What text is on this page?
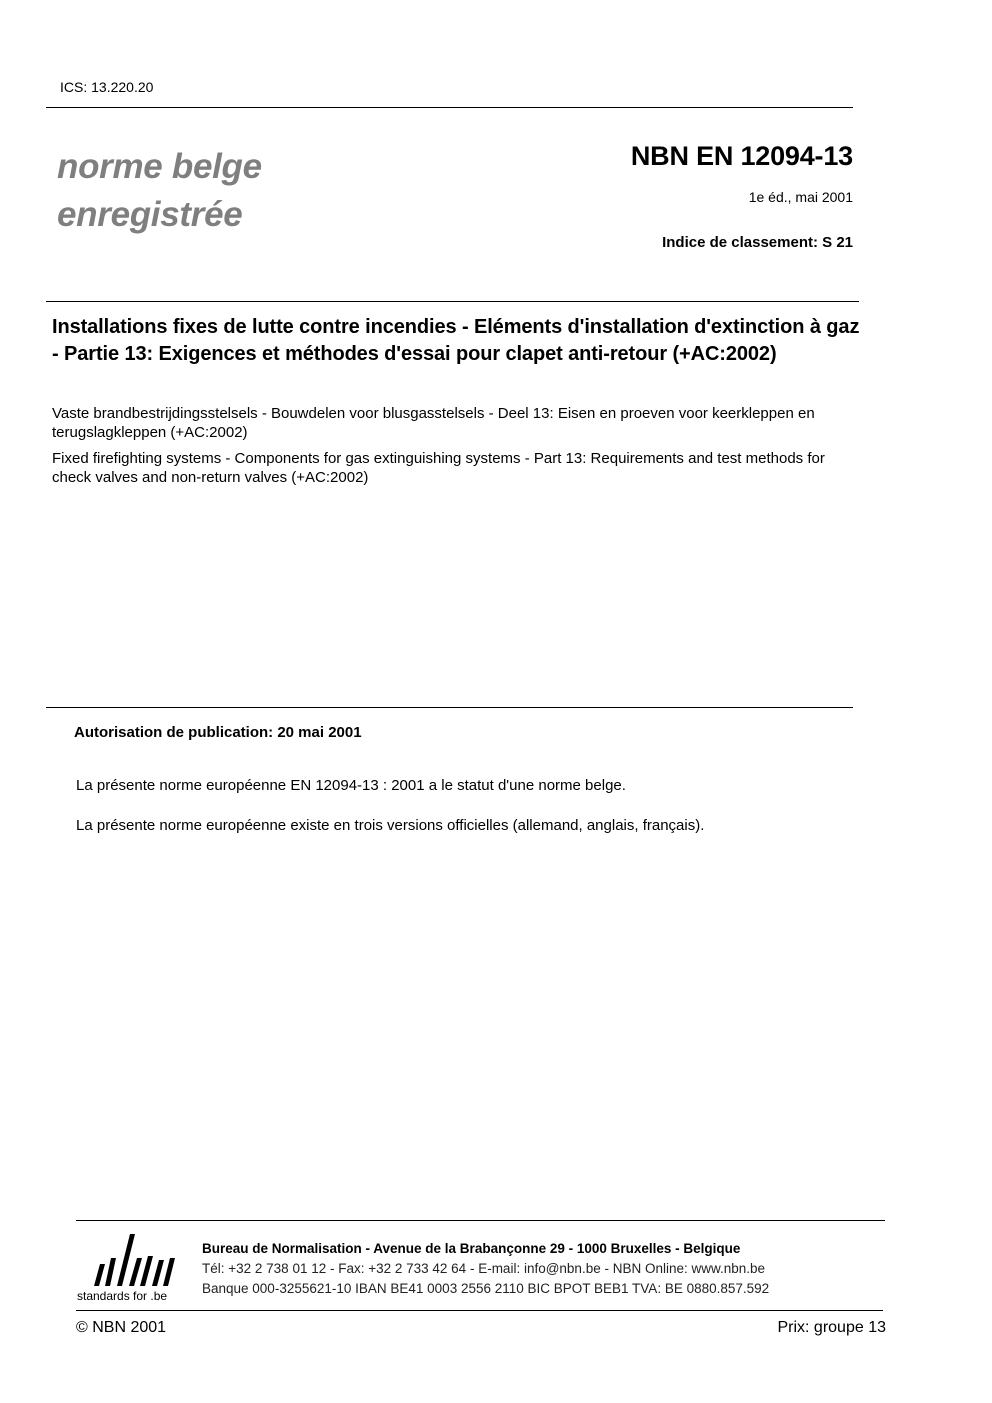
ICS: 13.220.20
norme belge
enregistrée
NBN EN 12094-13
1e éd., mai 2001
Indice de classement: S 21
Installations fixes de lutte contre incendies - Eléments d'installation d'extinction à gaz - Partie 13: Exigences et méthodes d'essai pour clapet anti-retour (+AC:2002)
Vaste brandbestrijdingsstelsels - Bouwdelen voor blusgasstelsels - Deel 13: Eisen en proeven voor keerkleppen en terugslagkleppen (+AC:2002)
Fixed firefighting systems - Components for gas extinguishing systems - Part 13: Requirements and test methods for check valves and non-return valves (+AC:2002)
Autorisation de publication: 20 mai 2001
La présente norme européenne EN 12094-13 : 2001 a le statut d'une norme belge.
La présente norme européenne existe en trois versions officielles (allemand, anglais, français).
standards for .be
Bureau de Normalisation - Avenue de la Brabançonne 29 - 1000 Bruxelles - Belgique
Tél: +32 2 738 01 12 - Fax: +32 2 733 42 64 - E-mail: info@nbn.be - NBN Online: www.nbn.be
Banque 000-3255621-10 IBAN BE41 0003 2556 2110 BIC BPOT BEB1 TVA: BE 0880.857.592
© NBN 2001	Prix: groupe 13
